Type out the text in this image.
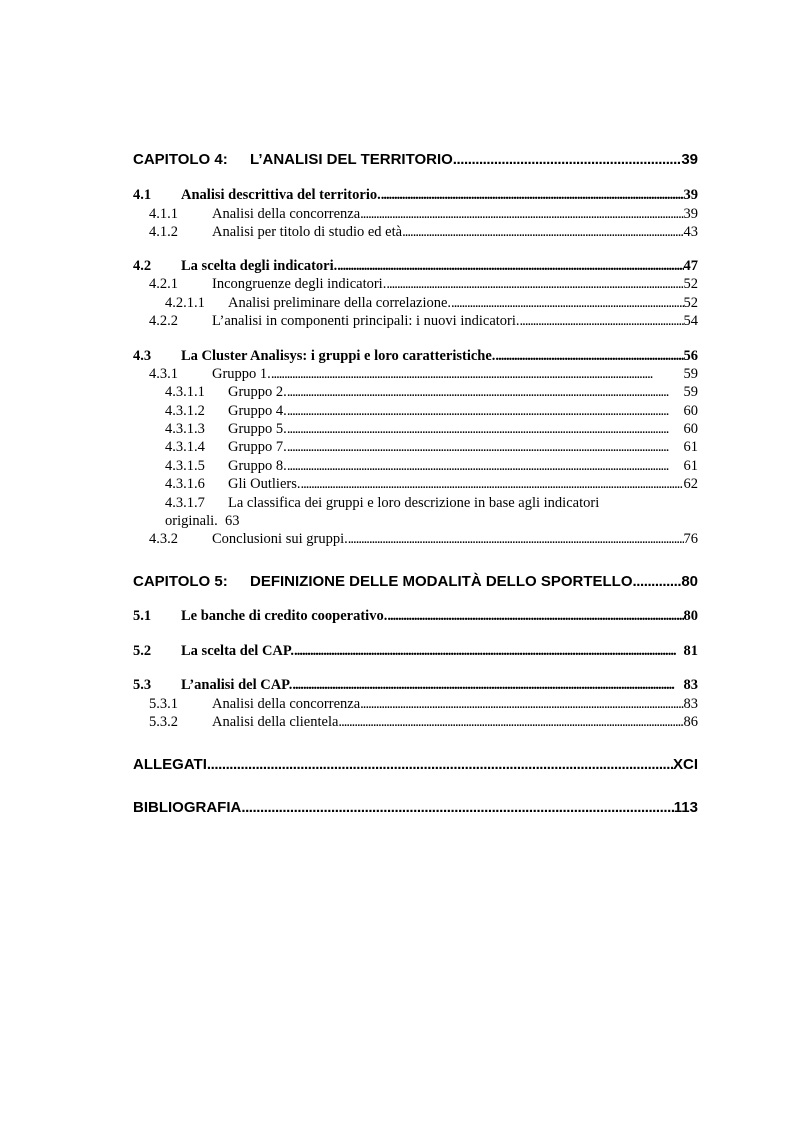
CAPITOLO 4:	L’ANALISI DEL TERRITORIO . . .	39
4.1	Analisi descrittiva del territorio. . . .	39
4.1.1	Analisi della concorrenza . . .	39
4.1.2	Analisi per titolo di studio ed età . . .	43
4.2	La scelta degli indicatori. . . .	47
4.2.1	Incongruenze degli indicatori. . . .	52
4.2.1.1	Analisi preliminare della correlazione. . . .	52
4.2.2	L’analisi in componenti principali: i nuovi indicatori. . . .	54
4.3	La Cluster Analisys: i gruppi e loro caratteristiche. . . .	56
4.3.1	Gruppo 1. . . .	59
4.3.1.1	Gruppo 2. . . .	59
4.3.1.2	Gruppo 4. . . .	60
4.3.1.3	Gruppo 5. . . .	60
4.3.1.4	Gruppo 7. . . .	61
4.3.1.5	Gruppo 8. . . .	61
4.3.1.6	Gli Outliers. . . .	62
4.3.1.7 La classifica dei gruppi e loro descrizione in base agli indicatori
originali. 63
4.3.2	Conclusioni sui gruppi. . . .	76
CAPITOLO 5:	DEFINIZIONE DELLE MODALITÀ DELLO SPORTELLO . . .	80
5.1	Le banche di credito cooperativo. . . .	80
5.2	La scelta del CAP. . . .	81
5.3	L’analisi del CAP. . . .	83
5.3.1	Analisi della concorrenza . . .	83
5.3.2	Analisi della clientela . . .	86
ALLEGATI . . .	XCI
BIBLIOGRAFIA . . .	113
